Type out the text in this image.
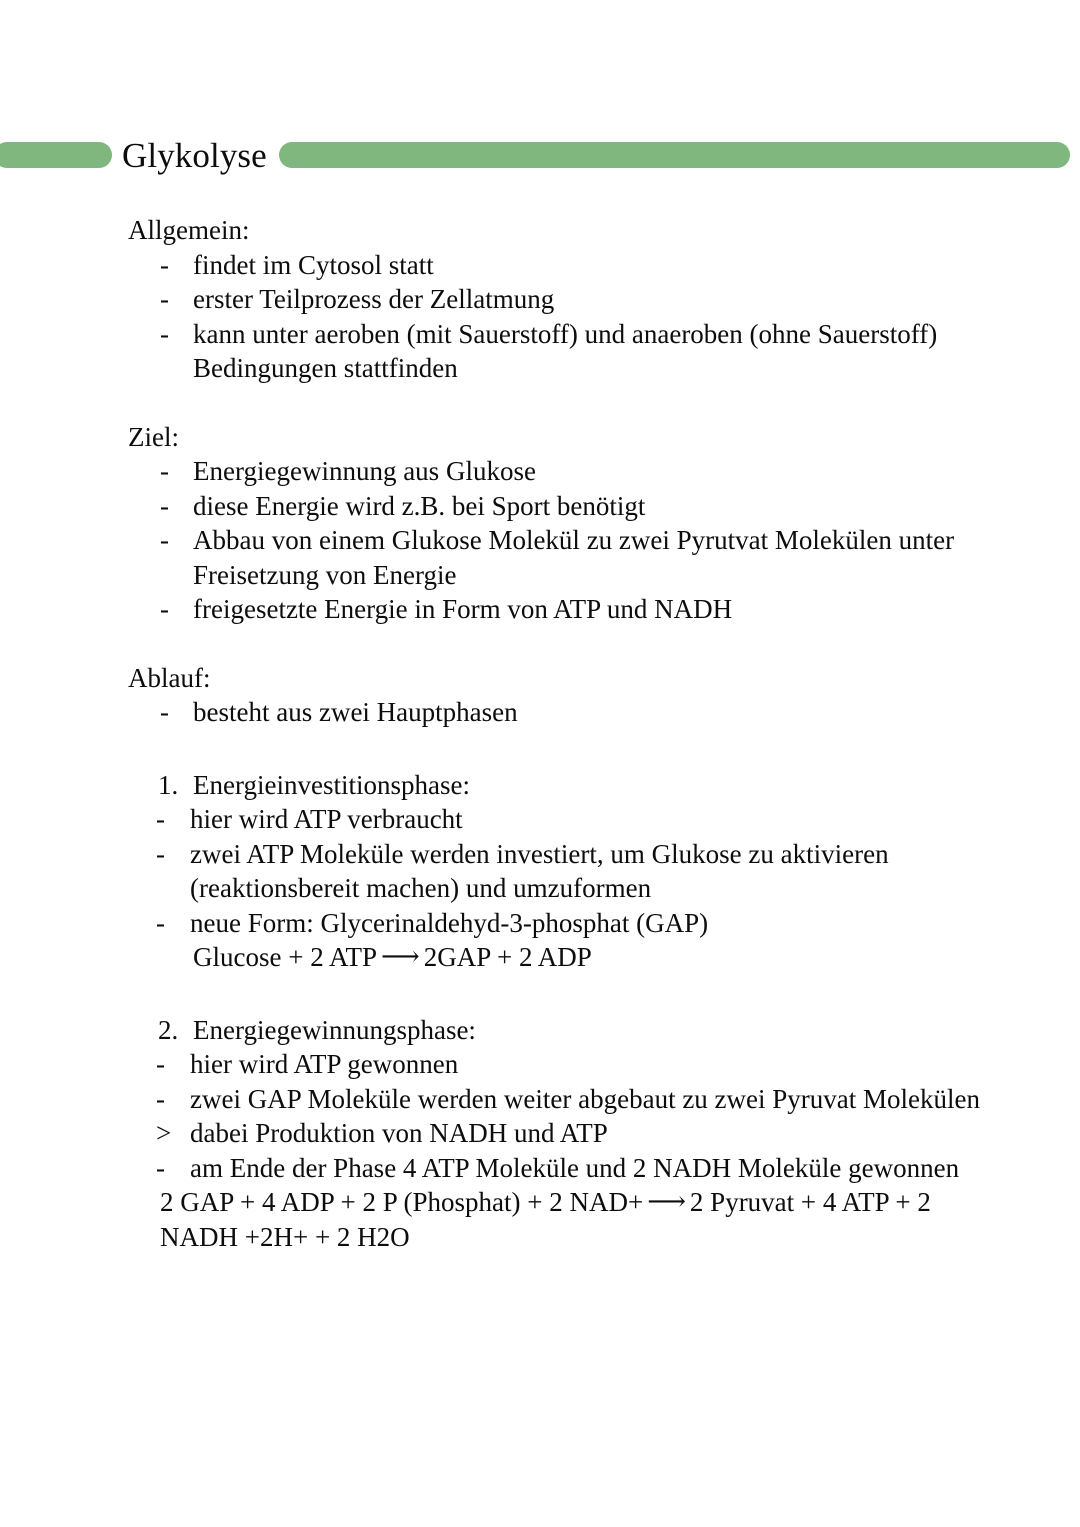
Glykolyse

Allgemein:

- findet im Cytosol statt
- erster Teilprozess der Zellatmung
- kann unter aeroben (mit Sauerstoff) und anaeroben (ohne Sauerstoff) Bedingungen stattfinden

Ziel:

- Energiegewinnung aus Glukose
- diese Energie wird z.B. bei Sport benötigt
- Abbau von einem Glukose Molekül zu zwei Pyrutvat Molekülen unter Freisetzung von Energie
- freigesetzte Energie in Form von ATP und NADH

Ablauf:

- besteht aus zwei Hauptphasen
1. Energieinvestitionsphase:
- hier wird ATP verbraucht
- zwei ATP Moleküle werden investiert, um Glukose zu aktivieren (reaktionsbereit machen) und umzuformen
- neue Form: Glycerinaldehyd-3-phosphat (GAP)

Glucose + 2 ATP ⟶ 2GAP + 2 ADP

2. Energiegewinnungsphase:
- hier wird ATP gewonnen
- zwei GAP Moleküle werden weiter abgebaut zu zwei Pyruvat Molekülen
> dabei Produktion von NADH und ATP
- am Ende der Phase 4 ATP Moleküle und 2 NADH Moleküle gewonnen

2 GAP + 4 ADP + 2 P (Phosphat) + 2 NAD+ ⟶ 2 Pyruvat + 4 ATP + 2 NADH +2H+ + 2 H2O
